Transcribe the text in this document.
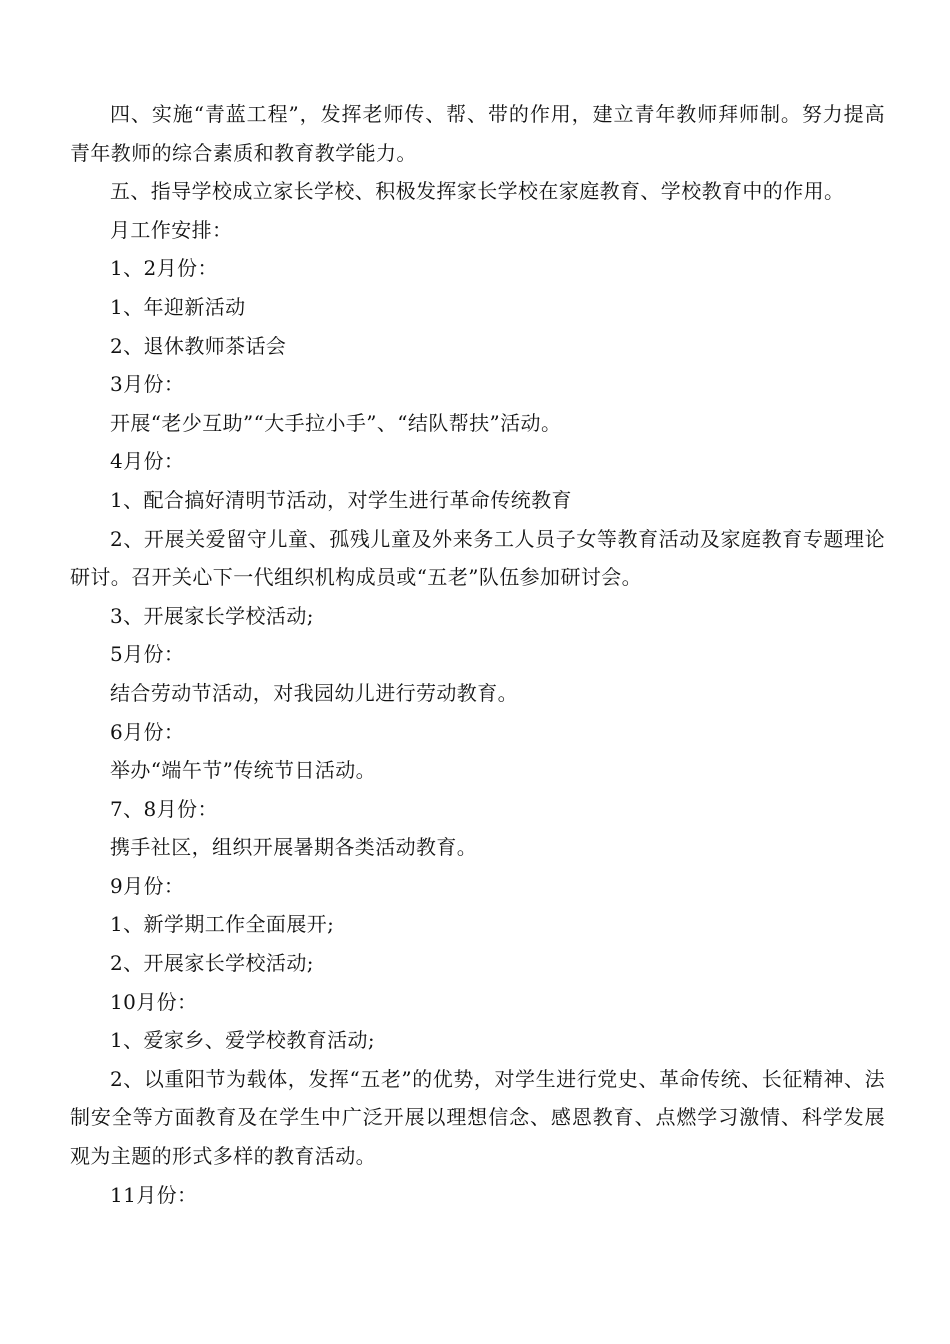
四、实施“青蓝工程”，发挥老师传、帮、带的作用，建立青年教师拜师制。努力提高青年教师的综合素质和教育教学能力。

五、指导学校成立家长学校、积极发挥家长学校在家庭教育、学校教育中的作用。

月工作安排：

1、2月份：

1、年迎新活动

2、退休教师茶话会

3月份：

开展“老少互助”“大手拉小手”、“结队帮扶”活动。

4月份：

1、配合搞好清明节活动，对学生进行革命传统教育

2、开展关爱留守儿童、孤残儿童及外来务工人员子女等教育活动及家庭教育专题理论研讨。召开关心下一代组织机构成员或“五老”队伍参加研讨会。

3、开展家长学校活动;

5月份：

结合劳动节活动，对我园幼儿进行劳动教育。

6月份：

举办“端午节”传统节日活动。

7、8月份：

携手社区，组织开展暑期各类活动教育。

9月份：

1、新学期工作全面展开;

2、开展家长学校活动;

10月份：

1、爱家乡、爱学校教育活动;

2、以重阳节为载体，发挥“五老”的优势，对学生进行党史、革命传统、长征精神、法制安全等方面教育及在学生中广泛开展以理想信念、感恩教育、点燃学习激情、科学发展观为主题的形式多样的教育活动。

11月份：
